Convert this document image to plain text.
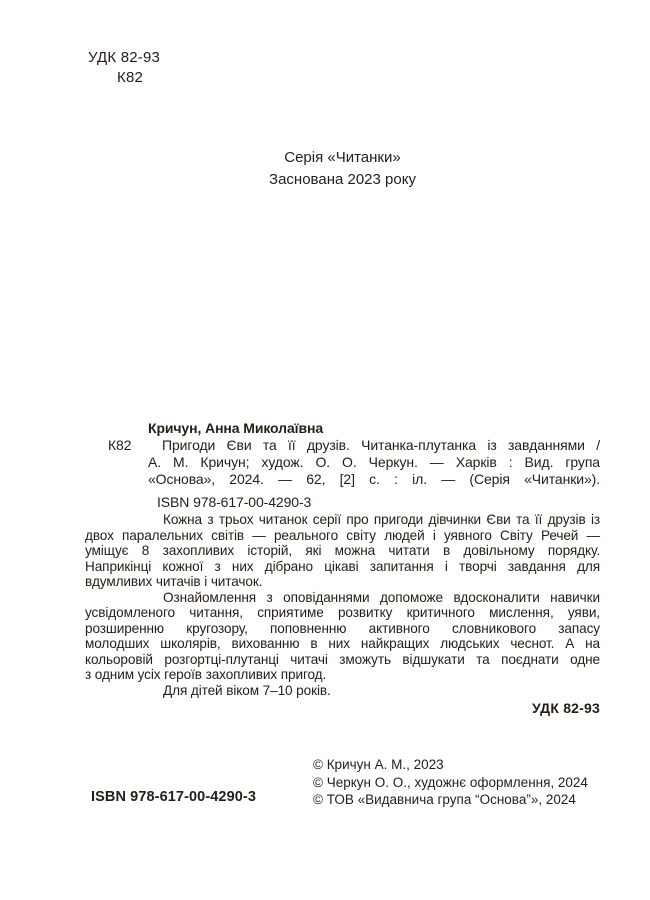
УДК 82-93
К82
Серія «Читанки»
Заснована 2023 року
Кричун, Анна Миколаївна
К82	Пригоди Єви та її друзів. Читанка-плутанка із завданнями /
А. М. Кричун; худож. О. О. Черкун. — Харків : Вид. група
«Основа», 2024. — 62, [2] с. : іл. — (Серія «Читанки»).
ISBN 978-617-00-4290-3
Кожна з трьох читанок серії про пригоди дівчинки Єви та її друзів із
двох паралельних світів — реального світу людей і уявного Світу Речей —
уміщує 8 захопливих історій, які можна читати в довільному порядку.
Наприкінці кожної з них дібрано цікаві запитання і творчі завдання для
вдумливих читачів і читачок.
Ознайомлення з оповіданнями допоможе вдосконалити навички
усвідомленого читання, сприятиме розвитку критичного мислення, уяви,
розширенню кругозору, поповненню активного словникового запасу
молодших школярів, вихованню в них найкращих людських чеснот. А на
кольоровій розгортці-плутанці читачі зможуть відшукати та поєднати одне
з одним усіх героїв захопливих пригод.
Для дітей віком 7–10 років.
УДК 82-93
© Кричун А. М., 2023
© Черкун О. О., художнє оформлення, 2024
© ТОВ «Видавнича група “Основа”», 2024
ISBN 978-617-00-4290-3
